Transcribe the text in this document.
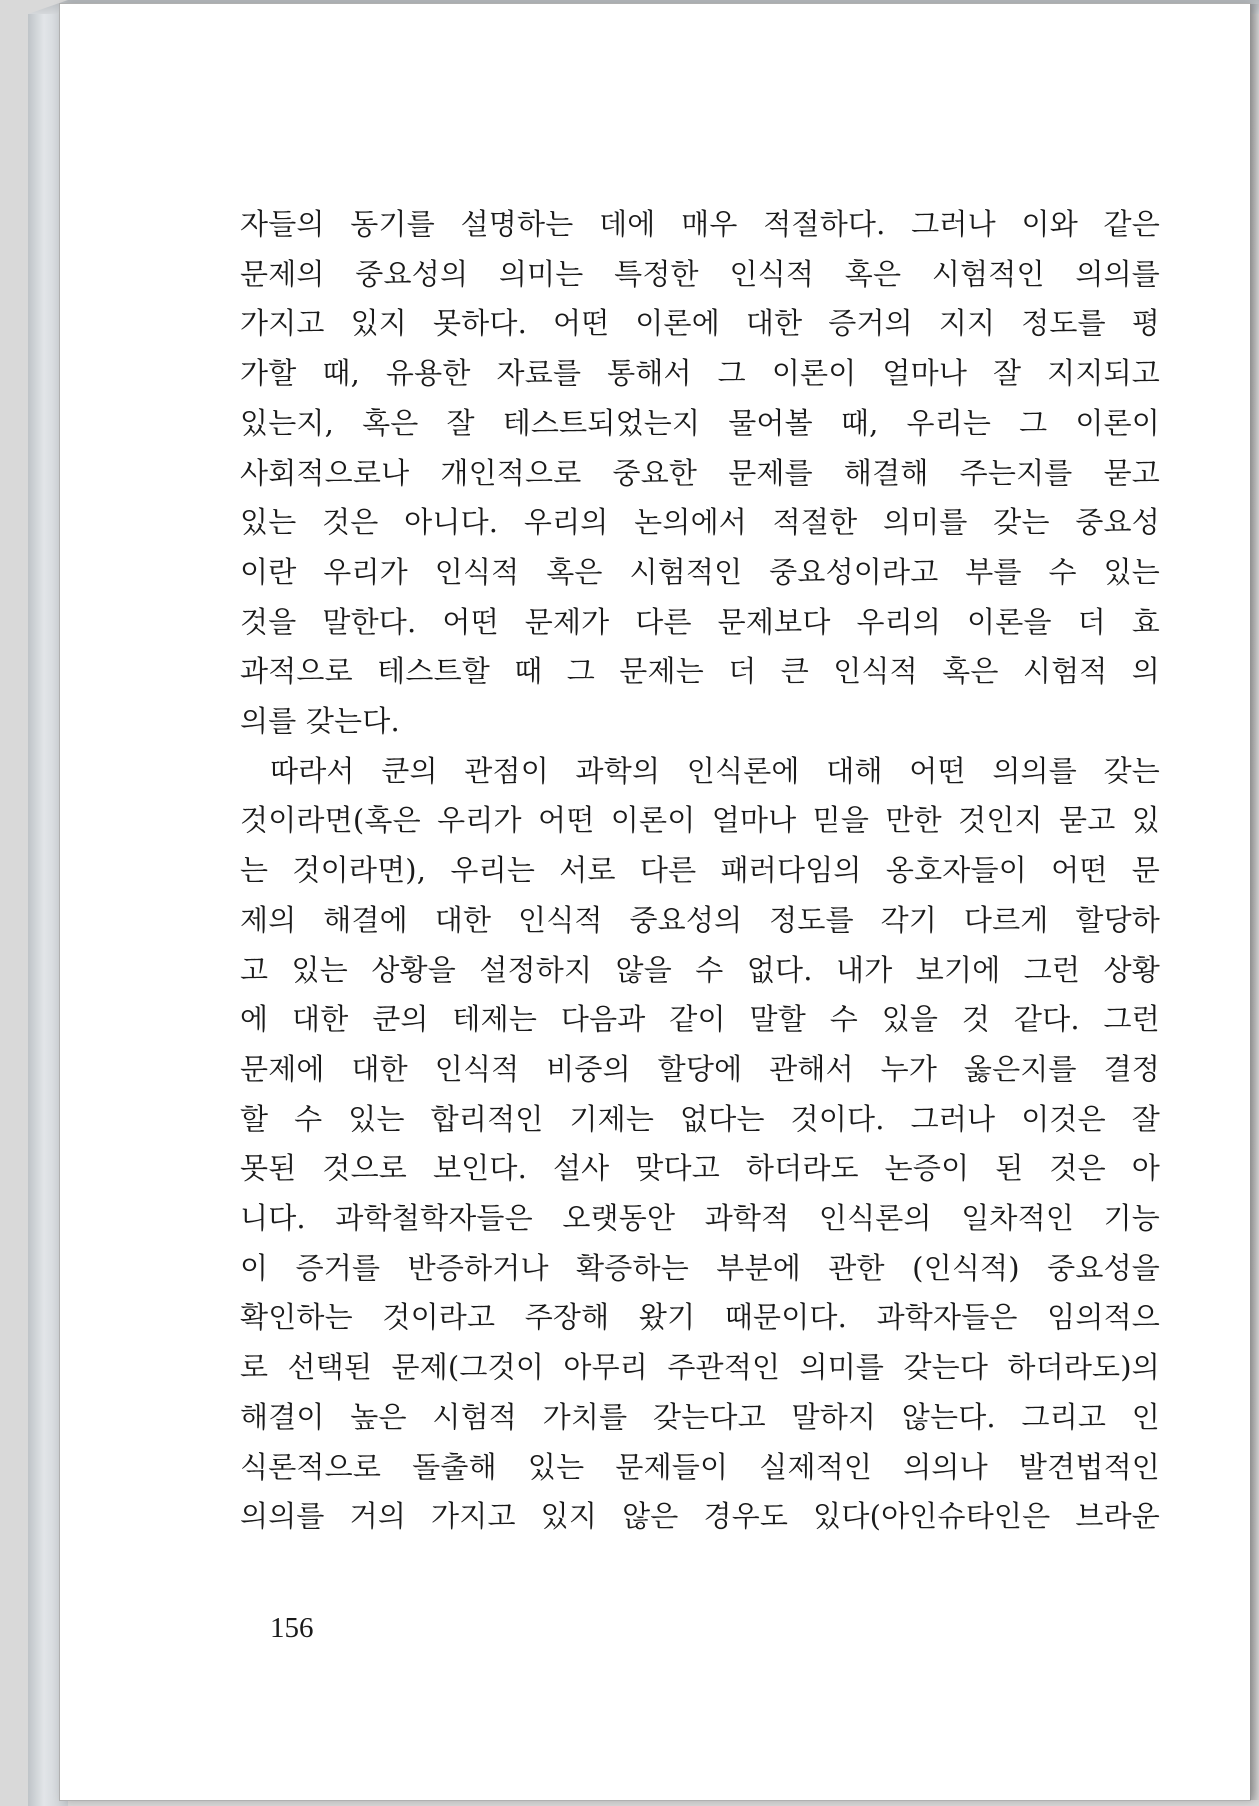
자들의 동기를 설명하는 데에 매우 적절하다. 그러나 이와 같은
문제의 중요성의 의미는 특정한 인식적 혹은 시험적인 의의를
가지고 있지 못하다. 어떤 이론에 대한 증거의 지지 정도를 평
가할 때, 유용한 자료를 통해서 그 이론이 얼마나 잘 지지되고
있는지, 혹은 잘 테스트되었는지 물어볼 때, 우리는 그 이론이
사회적으로나 개인적으로 중요한 문제를 해결해 주는지를 묻고
있는 것은 아니다. 우리의 논의에서 적절한 의미를 갖는 중요성
이란 우리가 인식적 혹은 시험적인 중요성이라고 부를 수 있는
것을 말한다. 어떤 문제가 다른 문제보다 우리의 이론을 더 효
과적으로 테스트할 때 그 문제는 더 큰 인식적 혹은 시험적 의
의를 갖는다.
따라서 쿤의 관점이 과학의 인식론에 대해 어떤 의의를 갖는
것이라면(혹은 우리가 어떤 이론이 얼마나 믿을 만한 것인지 묻고 있
는 것이라면), 우리는 서로 다른 패러다임의 옹호자들이 어떤 문
제의 해결에 대한 인식적 중요성의 정도를 각기 다르게 할당하
고 있는 상황을 설정하지 않을 수 없다. 내가 보기에 그런 상황
에 대한 쿤의 테제는 다음과 같이 말할 수 있을 것 같다. 그런
문제에 대한 인식적 비중의 할당에 관해서 누가 옳은지를 결정
할 수 있는 합리적인 기제는 없다는 것이다. 그러나 이것은 잘
못된 것으로 보인다. 설사 맞다고 하더라도 논증이 된 것은 아
니다. 과학철학자들은 오랫동안 과학적 인식론의 일차적인 기능
이 증거를 반증하거나 확증하는 부분에 관한 (인식적) 중요성을
확인하는 것이라고 주장해 왔기 때문이다. 과학자들은 임의적으
로 선택된 문제(그것이 아무리 주관적인 의미를 갖는다 하더라도)의
해결이 높은 시험적 가치를 갖는다고 말하지 않는다. 그리고 인
식론적으로 돌출해 있는 문제들이 실제적인 의의나 발견법적인
의의를 거의 가지고 있지 않은 경우도 있다(아인슈타인은 브라운
156
